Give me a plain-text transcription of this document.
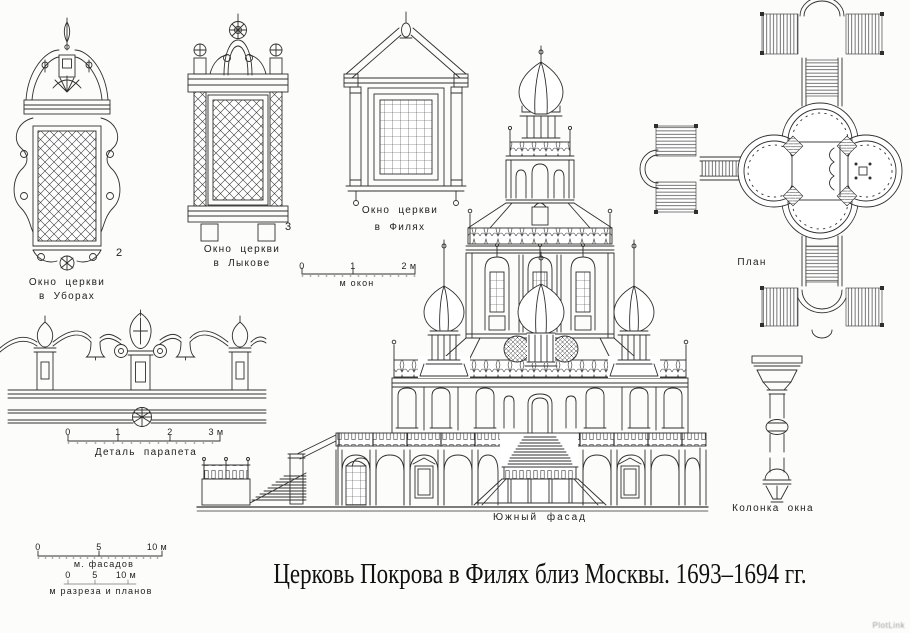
Окно церкви
в Уборах
2	Окно церкви
в Лыкове
3
Окно церкви
в Филях
План
Деталь парапета
Южный фасад
Колонка окна
0	1	2 м
м окон
0	1	2	3 м
0	5	10 м
м. фасадов
0 5 10 м
м разреза и планов
Церковь Покрова в Филях близ Москвы. 1693–1694 гг.
PlotLink
